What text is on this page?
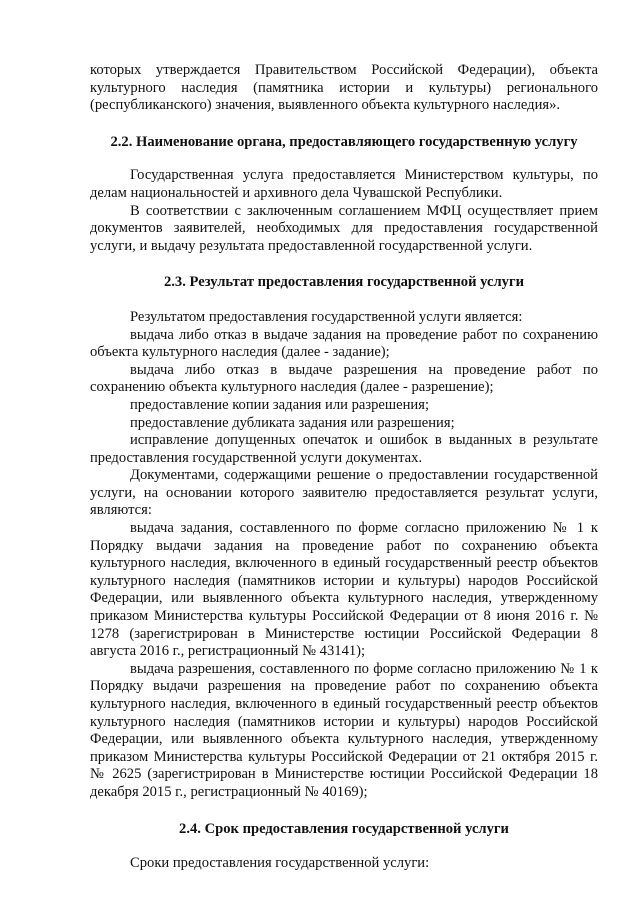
которых утверждается Правительством Российской Федерации), объекта культурного наследия (памятника истории и культуры) регионального (республиканского) значения, выявленного объекта культурного наследия».

2.2. Наименование органа, предоставляющего государственную услугу

Государственная услуга предоставляется Министерством культуры, по делам национальностей и архивного дела Чувашской Республики.

В соответствии с заключенным соглашением МФЦ осуществляет прием документов заявителей, необходимых для предоставления государственной услуги, и выдачу результата предоставленной государственной услуги.

2.3. Результат предоставления государственной услуги

Результатом предоставления государственной услуги является:

выдача либо отказ в выдаче задания на проведение работ по сохранению объекта культурного наследия (далее - задание);

выдача либо отказ в выдаче разрешения на проведение работ по сохранению объекта культурного наследия (далее - разрешение);

предоставление копии задания или разрешения;

предоставление дубликата задания или разрешения;

исправление допущенных опечаток и ошибок в выданных в результате предоставления государственной услуги документах.

Документами, содержащими решение о предоставлении государственной услуги, на основании которого заявителю предоставляется результат услуги, являются:

выдача задания, составленного по форме согласно приложению № 1 к Порядку выдачи задания на проведение работ по сохранению объекта культурного наследия, включенного в единый государственный реестр объектов культурного наследия (памятников истории и культуры) народов Российской Федерации, или выявленного объекта культурного наследия, утвержденному приказом Министерства культуры Российской Федерации от 8 июня 2016 г. № 1278 (зарегистрирован в Министерстве юстиции Российской Федерации 8 августа 2016 г., регистрационный № 43141);

выдача разрешения, составленного по форме согласно приложению № 1 к Порядку выдачи разрешения на проведение работ по сохранению объекта культурного наследия, включенного в единый государственный реестр объектов культурного наследия (памятников истории и культуры) народов Российской Федерации, или выявленного объекта культурного наследия, утвержденному приказом Министерства культуры Российской Федерации от 21 октября 2015 г. № 2625 (зарегистрирован в Министерстве юстиции Российской Федерации 18 декабря 2015 г., регистрационный № 40169);

2.4. Срок предоставления государственной услуги

Сроки предоставления государственной услуги:
